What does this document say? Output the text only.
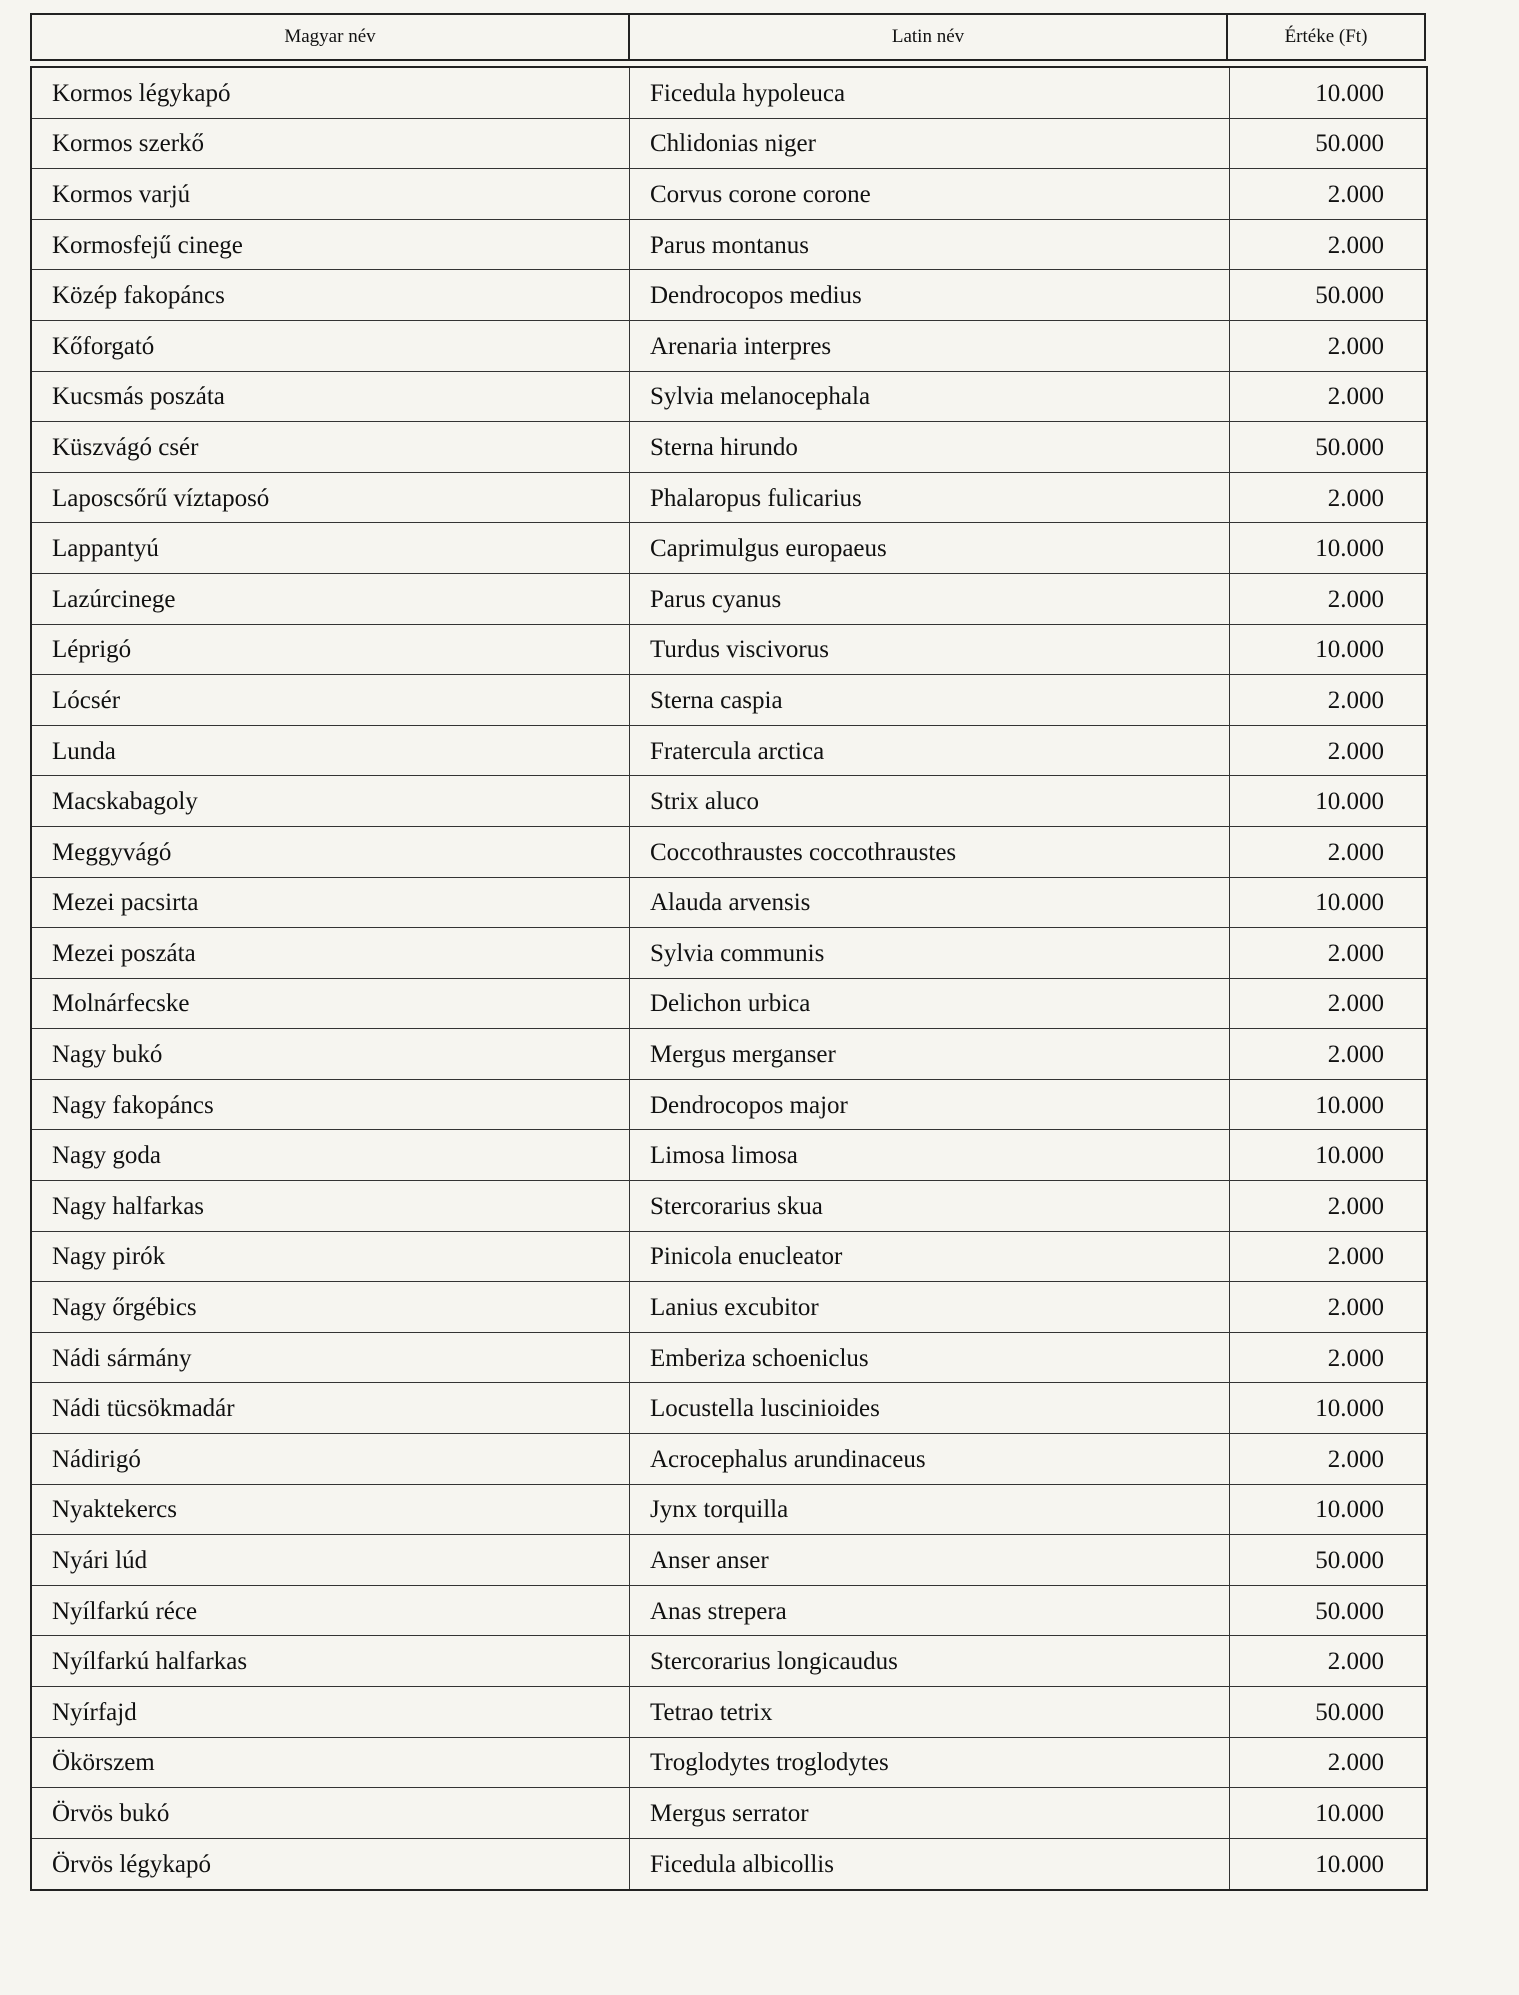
Magyar név	Latin név	Értéke (Ft)
Kormos légykapó	Ficedula hypoleuca	10.000
Kormos szerkő	Chlidonias niger	50.000
Kormos varjú	Corvus corone corone	2.000
Kormosfejű cinege	Parus montanus	2.000
Közép fakopáncs	Dendrocopos medius	50.000
Kőforgató	Arenaria interpres	2.000
Kucsmás poszáta	Sylvia melanocephala	2.000
Küszvágó csér	Sterna hirundo	50.000
Laposcsőrű víztaposó	Phalaropus fulicarius	2.000
Lappantyú	Caprimulgus europaeus	10.000
Lazúrcinege	Parus cyanus	2.000
Léprigó	Turdus viscivorus	10.000
Lócsér	Sterna caspia	2.000
Lunda	Fratercula arctica	2.000
Macskabagoly	Strix aluco	10.000
Meggyvágó	Coccothraustes coccothraustes	2.000
Mezei pacsirta	Alauda arvensis	10.000
Mezei poszáta	Sylvia communis	2.000
Molnárfecske	Delichon urbica	2.000
Nagy bukó	Mergus merganser	2.000
Nagy fakopáncs	Dendrocopos major	10.000
Nagy goda	Limosa limosa	10.000
Nagy halfarkas	Stercorarius skua	2.000
Nagy pirók	Pinicola enucleator	2.000
Nagy őrgébics	Lanius excubitor	2.000
Nádi sármány	Emberiza schoeniclus	2.000
Nádi tücsökmadár	Locustella luscinioides	10.000
Nádirigó	Acrocephalus arundinaceus	2.000
Nyaktekercs	Jynx torquilla	10.000
Nyári lúd	Anser anser	50.000
Nyílfarkú réce	Anas strepera	50.000
Nyílfarkú halfarkas	Stercorarius longicaudus	2.000
Nyírfajd	Tetrao tetrix	50.000
Ökörszem	Troglodytes troglodytes	2.000
Örvös bukó	Mergus serrator	10.000
Örvös légykapó	Ficedula albicollis	10.000
